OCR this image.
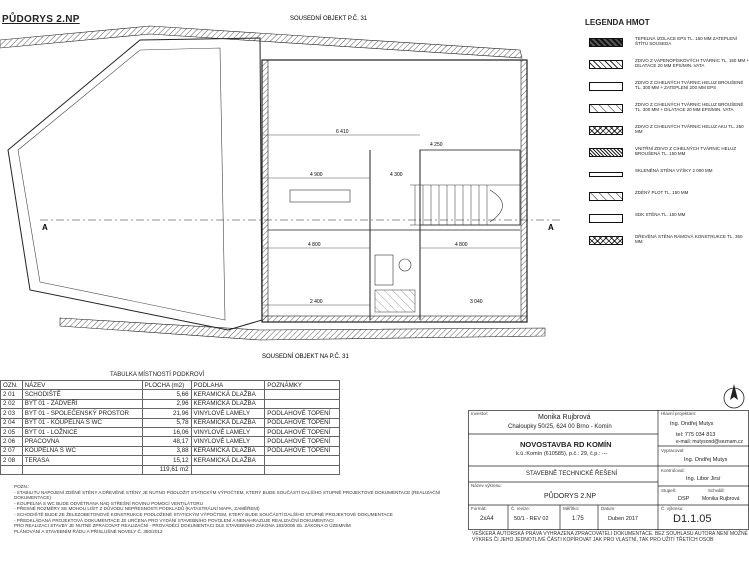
PŮDORYS 2.NP
6 410
4 900
4 800	4 800
2 400
4 250
3 040
4 300
A	A
SOUSEDNÍ OBJEKT P.Č. 31
SOUSEDNÍ OBJEKT NA P.Č. 31
LEGENDA HMOT
TEPELNÁ IZOLACE EPS TL. 150 MM ZATEPLENÍ ŠTÍTU SOUSEDA
ZDIVO Z VÁPENOPÍSKOVÝCH TVÁRNIC TL. 150 MM + DILATACE 20 MM EPS/MIN. VATA
ZDIVO Z CIHELNÝCH TVÁRNIC HELUZ BROUŠENÉ TL. 300 MM + ZATEPLENÍ 200 MM EPS
ZDIVO Z CIHELNÝCH TVÁRNIC HELUZ BROUŠENÉ TL. 300 MM + DILATACE 20 MM EPS/MIN. VATA
ZDIVO Z CIHELNÝCH TVÁRNIC HELUZ AKU TL. 250 MM
VNITŘNÍ ZDIVO Z CIHELNÝCH TVÁRNIC HELUZ BROUŠENÁ TL. 150 MM
SKLENĚNÁ STĚNA VÝŠKY 2 000 MM
ZDĚNÝ PLOT TL. 150 MM
SDK STĚNA TL. 150 MM
DŘEVĚNÁ STĚNA RÁMOVÁ KONSTRUKCE TL. 350 MM
TABULKA MÍSTNOSTÍ PODKROVÍ
OZN.	NÁZEV	PLOCHA (m2)	PODLAHA	POZNÁMKY
2 01	SCHODIŠTĚ	5,66	KERAMICKÁ DLAŽBA	
2 02	BYT 01 - ZÁDVEŘÍ	2,96	KERAMICKÁ DLAŽBA	
2 03	BYT 01 - SPOLEČENSKÝ PROSTOR	21,96	VINYLOVÉ LAMELY	PODLAHOVÉ TOPENÍ
2 04	BYT 01 - KOUPELNA S WC	5,78	KERAMICKÁ DLAŽBA	PODLAHOVÉ TOPENÍ
2 05	BYT 01 - LOŽNICE	16,06	VINYLOVÉ LAMELY	PODLAHOVÉ TOPENÍ
2 06	PRACOVNA	48,17	VINYLOVÉ LAMELY	PODLAHOVÉ TOPENÍ
2 07	KOUPELNA S WC	3,88	KERAMICKÁ DLAŽBA	PODLAHOVÉ TOPENÍ
2 08	TERASA	15,12	KERAMICKÁ DLAŽBA	
		119,61 m2		
POZN.:
- STABILITU NAPOJENÍ ZDĚNÉ STĚNY A DŘEVĚNÉ STĚNY JE NUTNO PODLOŽIT STATICKÝM VÝPOČTEM, KTERÝ BUDE SOUČÁSTÍ DALŠÍHO STUPNĚ PROJEKTOVÉ DOKUMENTACE (REALIZAČNÍ DOKUMENTACE)
- KOUPELNA S WC BUDE ODVĚTRÁNA NAD STŘEŠNÍ ROVINU POMOCÍ VENTILÁTORU
- PŘESNÉ ROZMĚRY SE MOHOU LIŠIT Z DŮVODU NEPŘESNOSTI PODKLADŮ (KATASTRÁLNÍ MAPA, ZAMĚŘENÍ)
- SCHODIŠTĚ BUDE ZE ŽELEZOBETONOVÉ KONSTRUKCE PODLOŽENÉ STATICKÝM VÝPOČTEM, KTERÝ BUDE SOUČÁSTÍ DALŠÍHO STUPNĚ PROJEKTOVÉ DOKUMENTACE
- PŘEDKLÁDANÁ PROJEKTOVÁ DOKUMENTACE JE URČENA PRO VYDÁNÍ STAVEBNÍHO POVOLENÍ A NENAHRAZUJE REALIZAČNÍ DOKUMENTACI
PRO REALIZACI STAVBY JE NUTNÉ ZPRACOVAT REALIZAČNÍ - PROVÁDĚCÍ DOKUMENTACI DLE STAVEBNÍHO ZÁKONA 183/2006 Sb. ZÁKONA O ÚZEMNÍM
PLÁNOVÁNÍ A STAVEBNÍM ŘÁDU A PŘÍSLUŠNÉ NOVELY Č. 350/2012
Investor:
Monika Rujbrová
Chaloupky 50/25, 624 00 Brno - Komín
NOVOSTAVBA RD KOMÍN
k.ú.:Komín (610585), p.č.: 29, č.p.: ---
STAVEBNĚ TECHNICKÉ ŘEŠENÍ
Název výkresu:
PŮDORYS 2.NP
Formát:
2xA4
Č. revize:
50/1 - REV 02
Měřítko:
1:75
Datum:
Duben 2017
Č. výkresu:
D1.1.05
Hlavní projektant:
Ing. Ondřej Mutys
tel: 775 034 813
e-mail: mutysond@seznam.cz
Vypracoval:
Ing. Ondřej Mutys
Kontroloval:
Ing. Libor Jirsí
Stupeň:
DSP
Schválil:
Monika Rujbrová
VEŠKERÁ AUTORSKÁ PRÁVA VYHRAZENA ZPRACOVATELI DOKUMENTACE. BEZ SOUHLASU AUTORA NENÍ MOŽNÉ
VÝKRES ČI JEHO JEDNOTLIVÉ ČÁSTI KOPÍROVAT JAK PRO VLASTNÍ, TAK PRO UŽITÍ TŘETÍCH OSOB
